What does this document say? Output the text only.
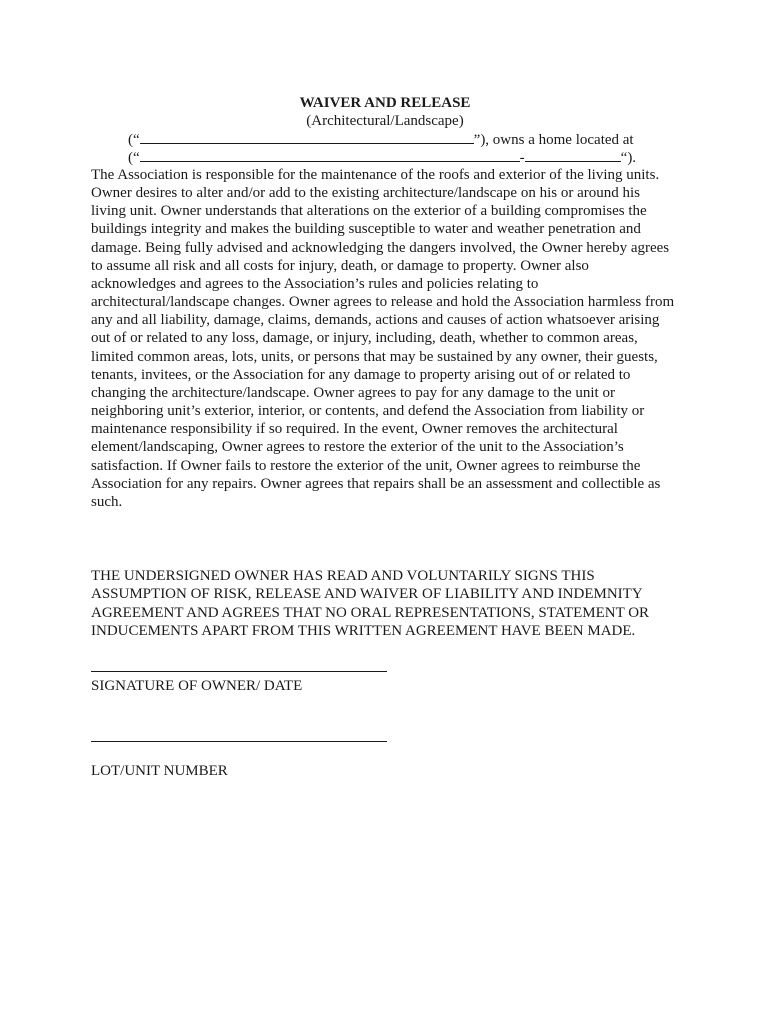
WAIVER AND RELEASE
(Architectural/Landscape)
(“	”), owns a home located at
(“	-	“).

The Association is responsible for the maintenance of the roofs and exterior of the living units. Owner desires to alter and/or add to the existing architecture/landscape on his or around his living unit. Owner understands that alterations on the exterior of a building compromises the buildings integrity and makes the building susceptible to water and weather penetration and damage. Being fully advised and acknowledging the dangers involved, the Owner hereby agrees to assume all risk and all costs for injury, death, or damage to property. Owner also acknowledges and agrees to the Association’s rules and policies relating to architectural/landscape changes. Owner agrees to release and hold the Association harmless from any and all liability, damage, claims, demands, actions and causes of action whatsoever arising out of or related to any loss, damage, or injury, including, death, whether to common areas, limited common areas, lots, units, or persons that may be sustained by any owner, their guests, tenants, invitees, or the Association for any damage to property arising out of or related to changing the architecture/landscape. Owner agrees to pay for any damage to the unit or neighboring unit’s exterior, interior, or contents, and defend the Association from liability or maintenance responsibility if so required. In the event, Owner removes the architectural element/landscaping, Owner agrees to restore the exterior of the unit to the Association’s satisfaction. If Owner fails to restore the exterior of the unit, Owner agrees to reimburse the Association for any repairs. Owner agrees that repairs shall be an assessment and collectible as such.

THE UNDERSIGNED OWNER HAS READ AND VOLUNTARILY SIGNS THIS ASSUMPTION OF RISK, RELEASE AND WAIVER OF LIABILITY AND INDEMNITY AGREEMENT AND AGREES THAT NO ORAL REPRESENTATIONS, STATEMENT OR INDUCEMENTS APART FROM THIS WRITTEN AGREEMENT HAVE BEEN MADE.

SIGNATURE OF OWNER/ DATE
LOT/UNIT NUMBER
